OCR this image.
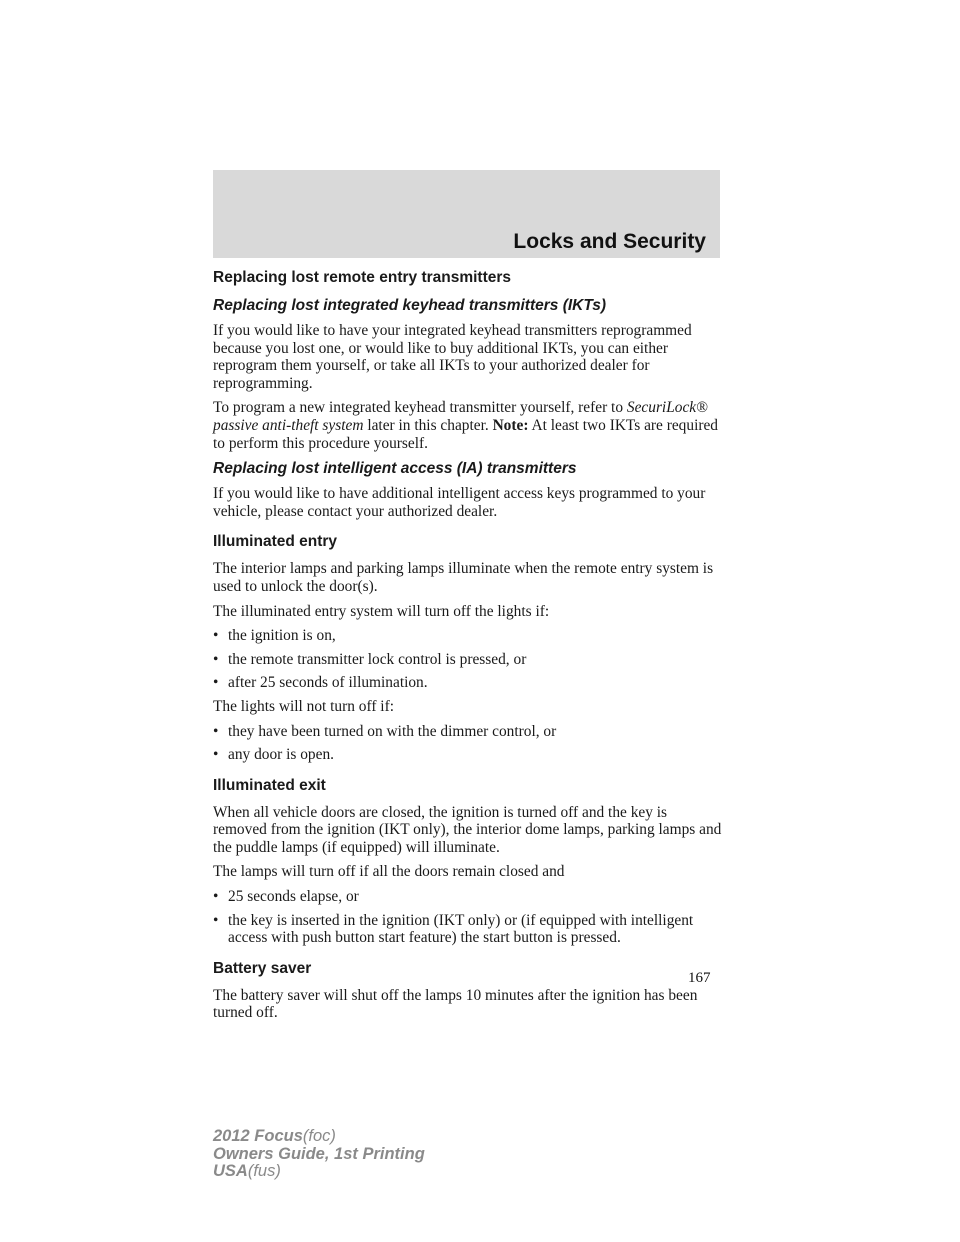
Locks and Security
Replacing lost remote entry transmitters
Replacing lost integrated keyhead transmitters (IKTs)

If you would like to have your integrated keyhead transmitters reprogrammed because you lost one, or would like to buy additional IKTs, you can either reprogram them yourself, or take all IKTs to your authorized dealer for reprogramming.

To program a new integrated keyhead transmitter yourself, refer to SecuriLock® passive anti-theft system later in this chapter. Note: At least two IKTs are required to perform this procedure yourself.

Replacing lost intelligent access (IA) transmitters

If you would like to have additional intelligent access keys programmed to your vehicle, please contact your authorized dealer.

Illuminated entry

The interior lamps and parking lamps illuminate when the remote entry system is used to unlock the door(s).

The illuminated entry system will turn off the lights if:

• the ignition is on,
• the remote transmitter lock control is pressed, or
• after 25 seconds of illumination.

The lights will not turn off if:

• they have been turned on with the dimmer control, or
• any door is open.
Illuminated exit

When all vehicle doors are closed, the ignition is turned off and the key is removed from the ignition (IKT only), the interior dome lamps, parking lamps and the puddle lamps (if equipped) will illuminate.

The lamps will turn off if all the doors remain closed and

• 25 seconds elapse, or
• the key is inserted in the ignition (IKT only) or (if equipped with intelligent access with push button start feature) the start button is pressed.
Battery saver

The battery saver will shut off the lamps 10 minutes after the ignition has been turned off.

167
2012 Focus(foc)
Owners Guide, 1st Printing
USA(fus)
